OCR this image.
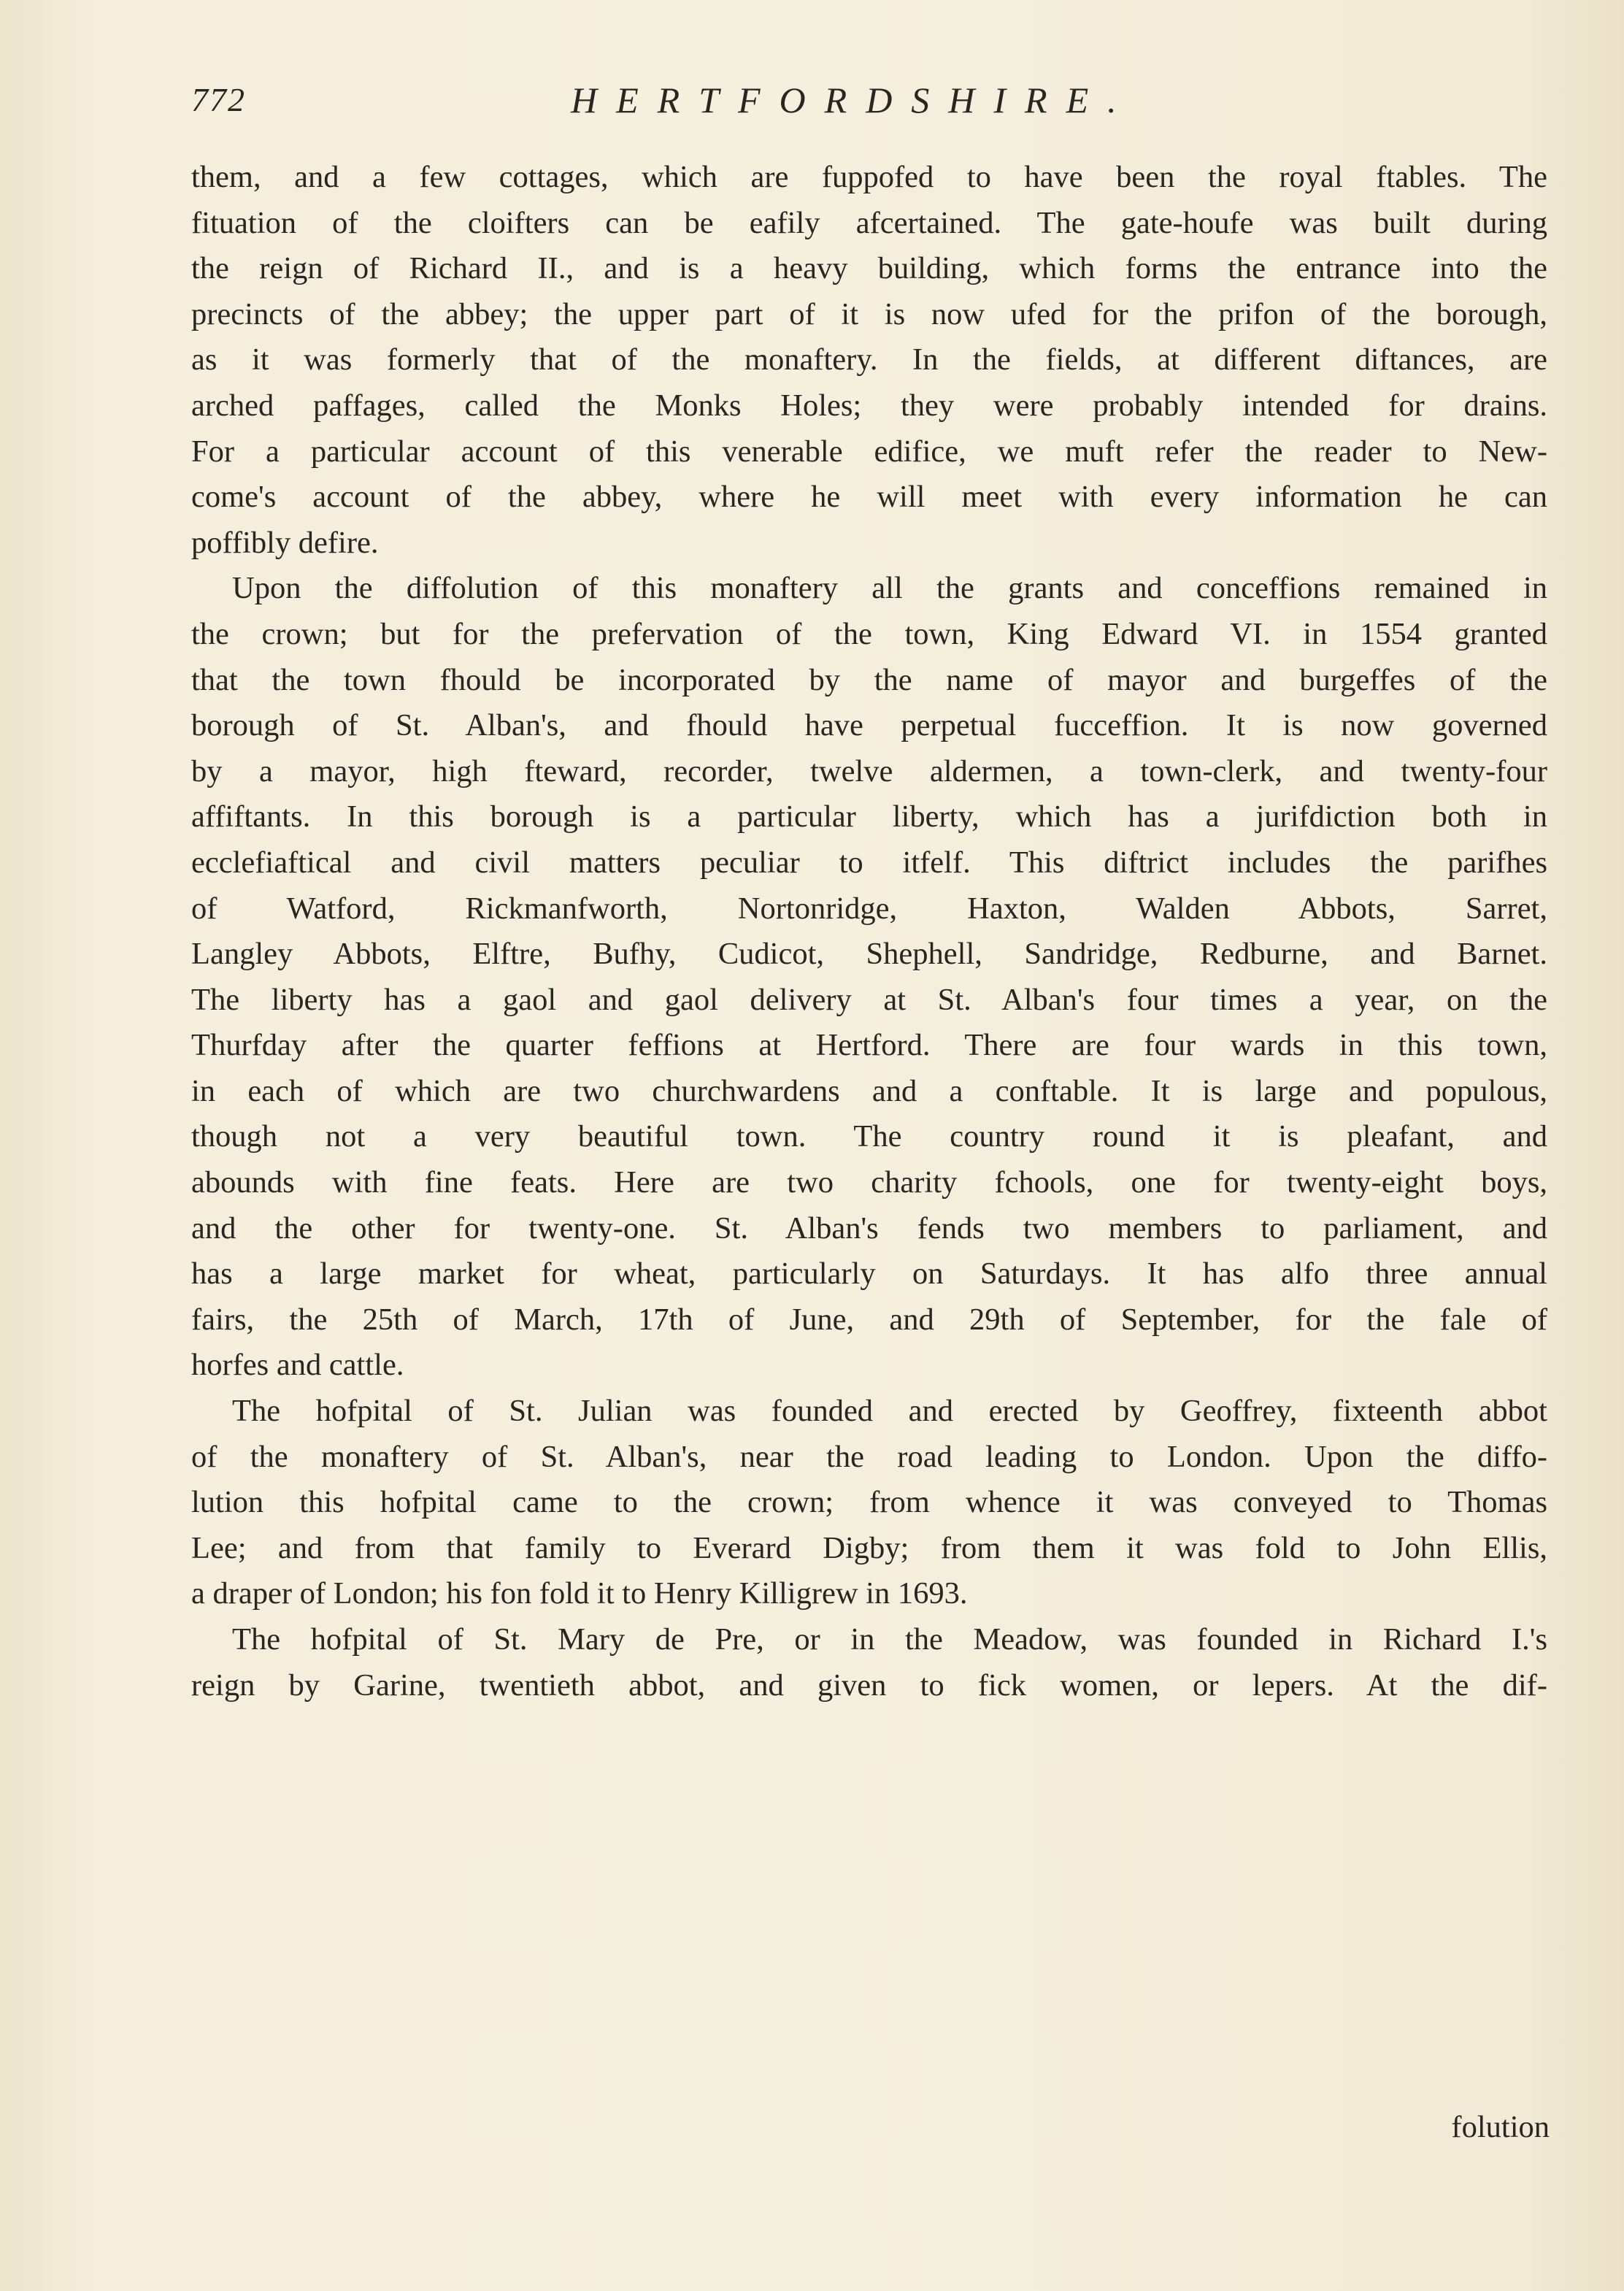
772	HERTFORDSHIRE.
them, and a few cottages, which are fuppofed to have been the royal ftables. The
fituation of the cloifters can be eafily afcertained. The gate-houfe was built during
the reign of Richard II., and is a heavy building, which forms the entrance into the
precincts of the abbey; the upper part of it is now ufed for the prifon of the borough,
as it was formerly that of the monaftery. In the fields, at different diftances, are
arched paffages, called the Monks Holes; they were probably intended for drains.
For a particular account of this venerable edifice, we muft refer the reader to New-
come's account of the abbey, where he will meet with every information he can
poffibly defire.
Upon the diffolution of this monaftery all the grants and conceffions remained in
the crown; but for the prefervation of the town, King Edward VI. in 1554 granted
that the town fhould be incorporated by the name of mayor and burgeffes of the
borough of St. Alban's, and fhould have perpetual fucceffion. It is now governed
by a mayor, high fteward, recorder, twelve aldermen, a town-clerk, and twenty-four
affiftants. In this borough is a particular liberty, which has a jurifdiction both in
ecclefiaftical and civil matters peculiar to itfelf. This diftrict includes the parifhes
of Watford, Rickmanfworth, Nortonridge, Haxton, Walden Abbots, Sarret,
Langley Abbots, Elftre, Bufhy, Cudicot, Shephell, Sandridge, Redburne, and Barnet.
The liberty has a gaol and gaol delivery at St. Alban's four times a year, on the
Thurfday after the quarter feffions at Hertford. There are four wards in this town,
in each of which are two churchwardens and a conftable. It is large and populous,
though not a very beautiful town. The country round it is pleafant, and
abounds with fine feats. Here are two charity fchools, one for twenty-eight boys,
and the other for twenty-one. St. Alban's fends two members to parliament, and
has a large market for wheat, particularly on Saturdays. It has alfo three annual
fairs, the 25th of March, 17th of June, and 29th of September, for the fale of
horfes and cattle.
The hofpital of St. Julian was founded and erected by Geoffrey, fixteenth abbot
of the monaftery of St. Alban's, near the road leading to London. Upon the diffo-
lution this hofpital came to the crown; from whence it was conveyed to Thomas
Lee; and from that family to Everard Digby; from them it was fold to John Ellis,
a draper of London; his fon fold it to Henry Killigrew in 1693.
The hofpital of St. Mary de Pre, or in the Meadow, was founded in Richard I.'s
reign by Garine, twentieth abbot, and given to fick women, or lepers. At the dif-
folution
